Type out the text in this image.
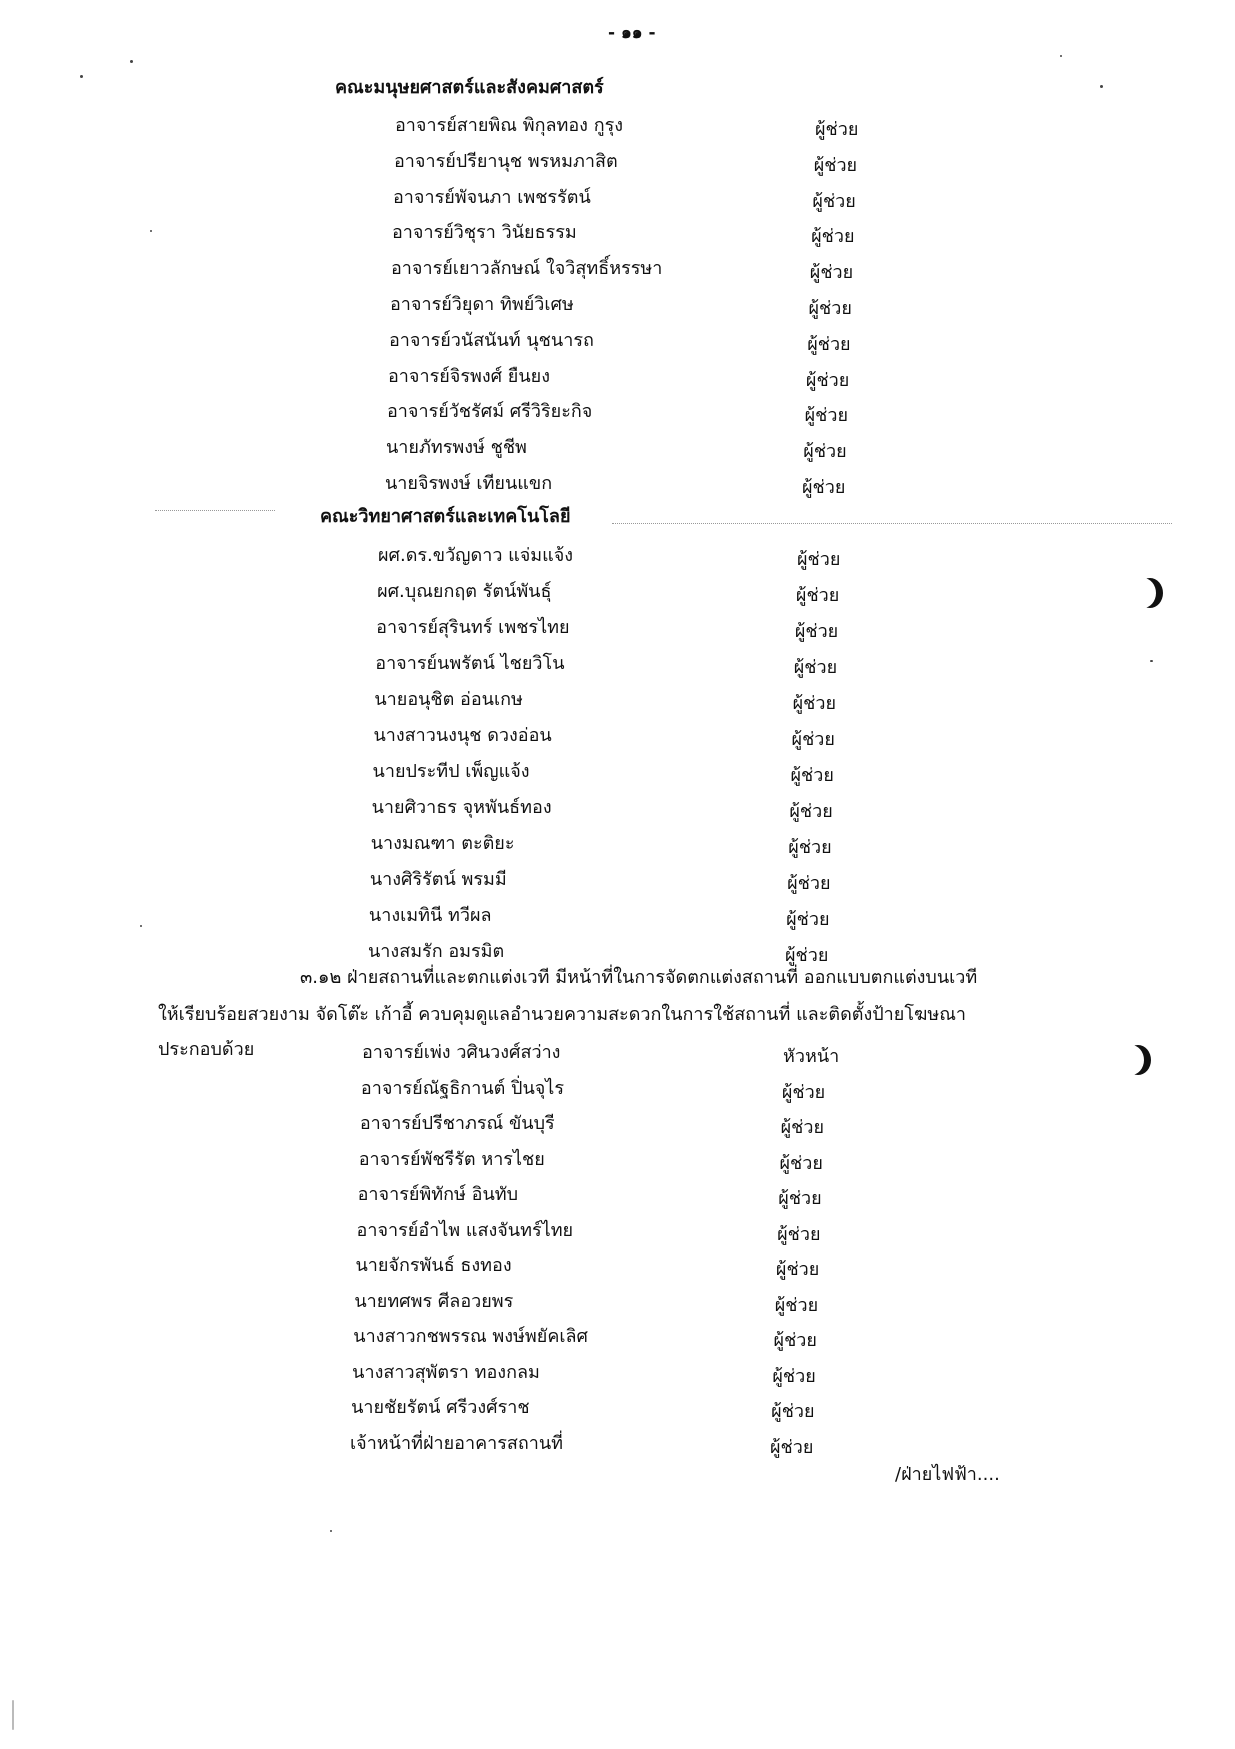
- ๑๑ -
คณะมนุษยศาสตร์และสังคมศาสตร์
อาจารย์สายพิณ พิกุลทอง กูรุง	ผู้ช่วย
อาจารย์ปรียานุช พรหมภาสิต	ผู้ช่วย
อาจารย์พัจนภา เพชรรัตน์	ผู้ช่วย
อาจารย์วิชุรา วินัยธรรม	ผู้ช่วย
อาจารย์เยาวลักษณ์ ใจวิสุทธิ์หรรษา	ผู้ช่วย
อาจารย์วิยุดา ทิพย์วิเศษ	ผู้ช่วย
อาจารย์วนัสนันท์ นุชนารถ	ผู้ช่วย
อาจารย์จิรพงศ์ ยืนยง	ผู้ช่วย
อาจารย์วัชรัศม์ ศรีวิริยะกิจ	ผู้ช่วย
นายภัทรพงษ์ ชูชีพ	ผู้ช่วย
นายจิรพงษ์ เทียนแขก	ผู้ช่วย
คณะวิทยาศาสตร์และเทคโนโลยี
ผศ.ดร.ขวัญดาว แจ่มแจ้ง	ผู้ช่วย
ผศ.บุณยกฤต รัตน์พันธุ์	ผู้ช่วย
อาจารย์สุรินทร์ เพชรไทย	ผู้ช่วย
อาจารย์นพรัตน์ ไชยวิโน	ผู้ช่วย
นายอนุชิต อ่อนเกษ	ผู้ช่วย
นางสาวนงนุช ดวงอ่อน	ผู้ช่วย
นายประทีป เพ็ญแจ้ง	ผู้ช่วย
นายศิวาธร จุหพันธ์ทอง	ผู้ช่วย
นางมณฑา ตะติยะ	ผู้ช่วย
นางศิริรัตน์ พรมมี	ผู้ช่วย
นางเมทินี ทวีผล	ผู้ช่วย
นางสมรัก อมรมิต	ผู้ช่วย
๓.๑๒ ฝ่ายสถานที่และตกแต่งเวที มีหน้าที่ในการจัดตกแต่งสถานที่ ออกแบบตกแต่งบนเวที
ให้เรียบร้อยสวยงาม จัดโต๊ะ เก้าอี้ ควบคุมดูแลอำนวยความสะดวกในการใช้สถานที่ และติดตั้งป้ายโฆษณา
ประกอบด้วย	อาจารย์เพ่ง วศินวงศ์สว่าง	หัวหน้า
อาจารย์ณัฐธิกานต์ ปิ่นจุไร	ผู้ช่วย
อาจารย์ปรีชาภรณ์ ขันบุรี	ผู้ช่วย
อาจารย์พัชรีรัต หารไชย	ผู้ช่วย
อาจารย์พิทักษ์ อินทับ	ผู้ช่วย
อาจารย์อำไพ แสงจันทร์ไทย	ผู้ช่วย
นายจักรพันธ์ ธงทอง	ผู้ช่วย
นายทศพร ศีลอวยพร	ผู้ช่วย
นางสาวกชพรรณ พงษ์พยัคเลิศ	ผู้ช่วย
นางสาวสุพัตรา ทองกลม	ผู้ช่วย
นายชัยรัตน์ ศรีวงศ์ราช	ผู้ช่วย
เจ้าหน้าที่ฝ่ายอาคารสถานที่	ผู้ช่วย
/ฝ่ายไฟฟ้า....
